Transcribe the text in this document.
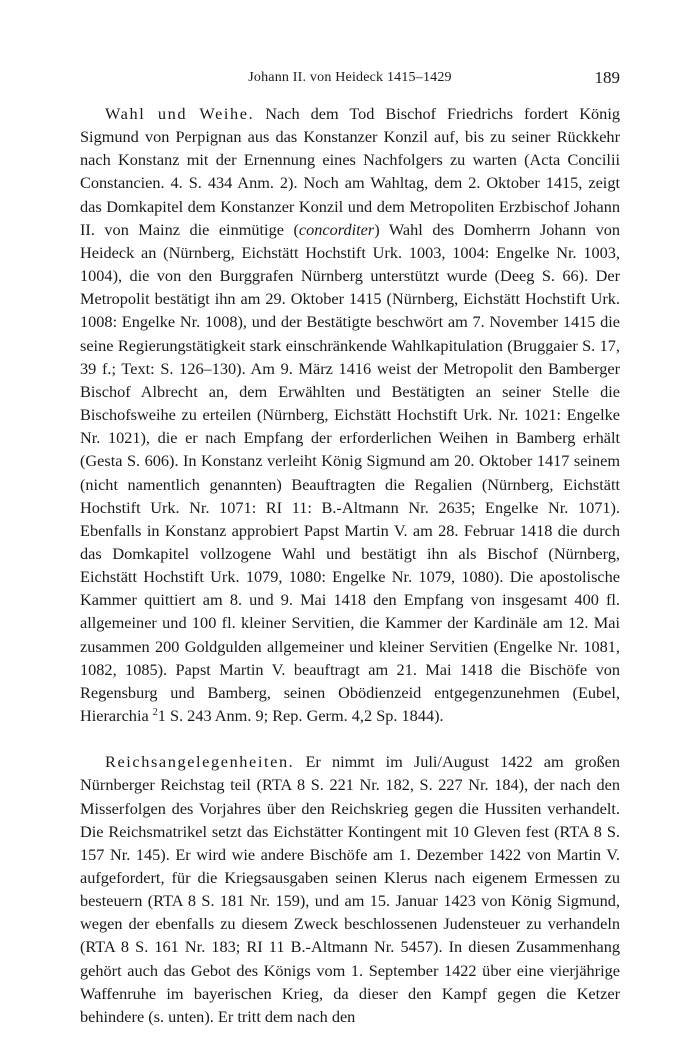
Johann II. von Heideck 1415–1429	189

Wahl und Weihe. Nach dem Tod Bischof Friedrichs fordert König Sigmund von Perpignan aus das Konstanzer Konzil auf, bis zu seiner Rückkehr nach Konstanz mit der Ernennung eines Nachfolgers zu warten (Acta Concilii Constancien. 4. S. 434 Anm. 2). Noch am Wahltag, dem 2. Oktober 1415, zeigt das Domkapitel dem Konstanzer Konzil und dem Metropoliten Erzbischof Johann II. von Mainz die einmütige (concorditer) Wahl des Domherrn Johann von Heideck an (Nürnberg, Eichstätt Hochstift Urk. 1003, 1004: Engelke Nr. 1003, 1004), die von den Burggrafen Nürnberg unterstützt wurde (Deeg S. 66). Der Metropolit bestätigt ihn am 29. Oktober 1415 (Nürnberg, Eichstätt Hochstift Urk. 1008: Engelke Nr. 1008), und der Bestätigte beschwört am 7. November 1415 die seine Regierungstätigkeit stark einschränkende Wahlkapitulation (Bruggaier S. 17, 39 f.; Text: S. 126–130). Am 9. März 1416 weist der Metropolit den Bamberger Bischof Albrecht an, dem Erwählten und Bestätigten an seiner Stelle die Bischofsweihe zu erteilen (Nürnberg, Eichstätt Hochstift Urk. Nr. 1021: Engelke Nr. 1021), die er nach Empfang der erforderlichen Weihen in Bamberg erhält (Gesta S. 606). In Konstanz verleiht König Sigmund am 20. Oktober 1417 seinem (nicht namentlich genannten) Beauftragten die Regalien (Nürnberg, Eichstätt Hochstift Urk. Nr. 1071: RI 11: B.-Altmann Nr. 2635; Engelke Nr. 1071). Ebenfalls in Konstanz approbiert Papst Martin V. am 28. Februar 1418 die durch das Domkapitel vollzogene Wahl und bestätigt ihn als Bischof (Nürnberg, Eichstätt Hochstift Urk. 1079, 1080: Engelke Nr. 1079, 1080). Die apostolische Kammer quittiert am 8. und 9. Mai 1418 den Empfang von insgesamt 400 fl. allgemeiner und 100 fl. kleiner Servitien, die Kammer der Kardinäle am 12. Mai zusammen 200 Goldgulden allgemeiner und kleiner Servitien (Engelke Nr. 1081, 1082, 1085). Papst Martin V. beauftragt am 21. Mai 1418 die Bischöfe von Regensburg und Bamberg, seinen Obödienzeid entgegenzunehmen (Eubel, Hierarchia $^2$1 S. 243 Anm. 9; Rep. Germ. 4,2 Sp. 1844).

Reichsangelegenheiten. Er nimmt im Juli/August 1422 am großen Nürnberger Reichstag teil (RTA 8 S. 221 Nr. 182, S. 227 Nr. 184), der nach den Misserfolgen des Vorjahres über den Reichskrieg gegen die Hussiten verhandelt. Die Reichsmatrikel setzt das Eichstätter Kontingent mit 10 Gleven fest (RTA 8 S. 157 Nr. 145). Er wird wie andere Bischöfe am 1. Dezember 1422 von Martin V. aufgefordert, für die Kriegsausgaben seinen Klerus nach eigenem Ermessen zu besteuern (RTA 8 S. 181 Nr. 159), und am 15. Januar 1423 von König Sigmund, wegen der ebenfalls zu diesem Zweck beschlossenen Judensteuer zu verhandeln (RTA 8 S. 161 Nr. 183; RI 11 B.-Altmann Nr. 5457). In diesen Zusammenhang gehört auch das Gebot des Königs vom 1. September 1422 über eine vierjährige Waffenruhe im bayerischen Krieg, da dieser den Kampf gegen die Ketzer behindere (s. unten). Er tritt dem nach den
